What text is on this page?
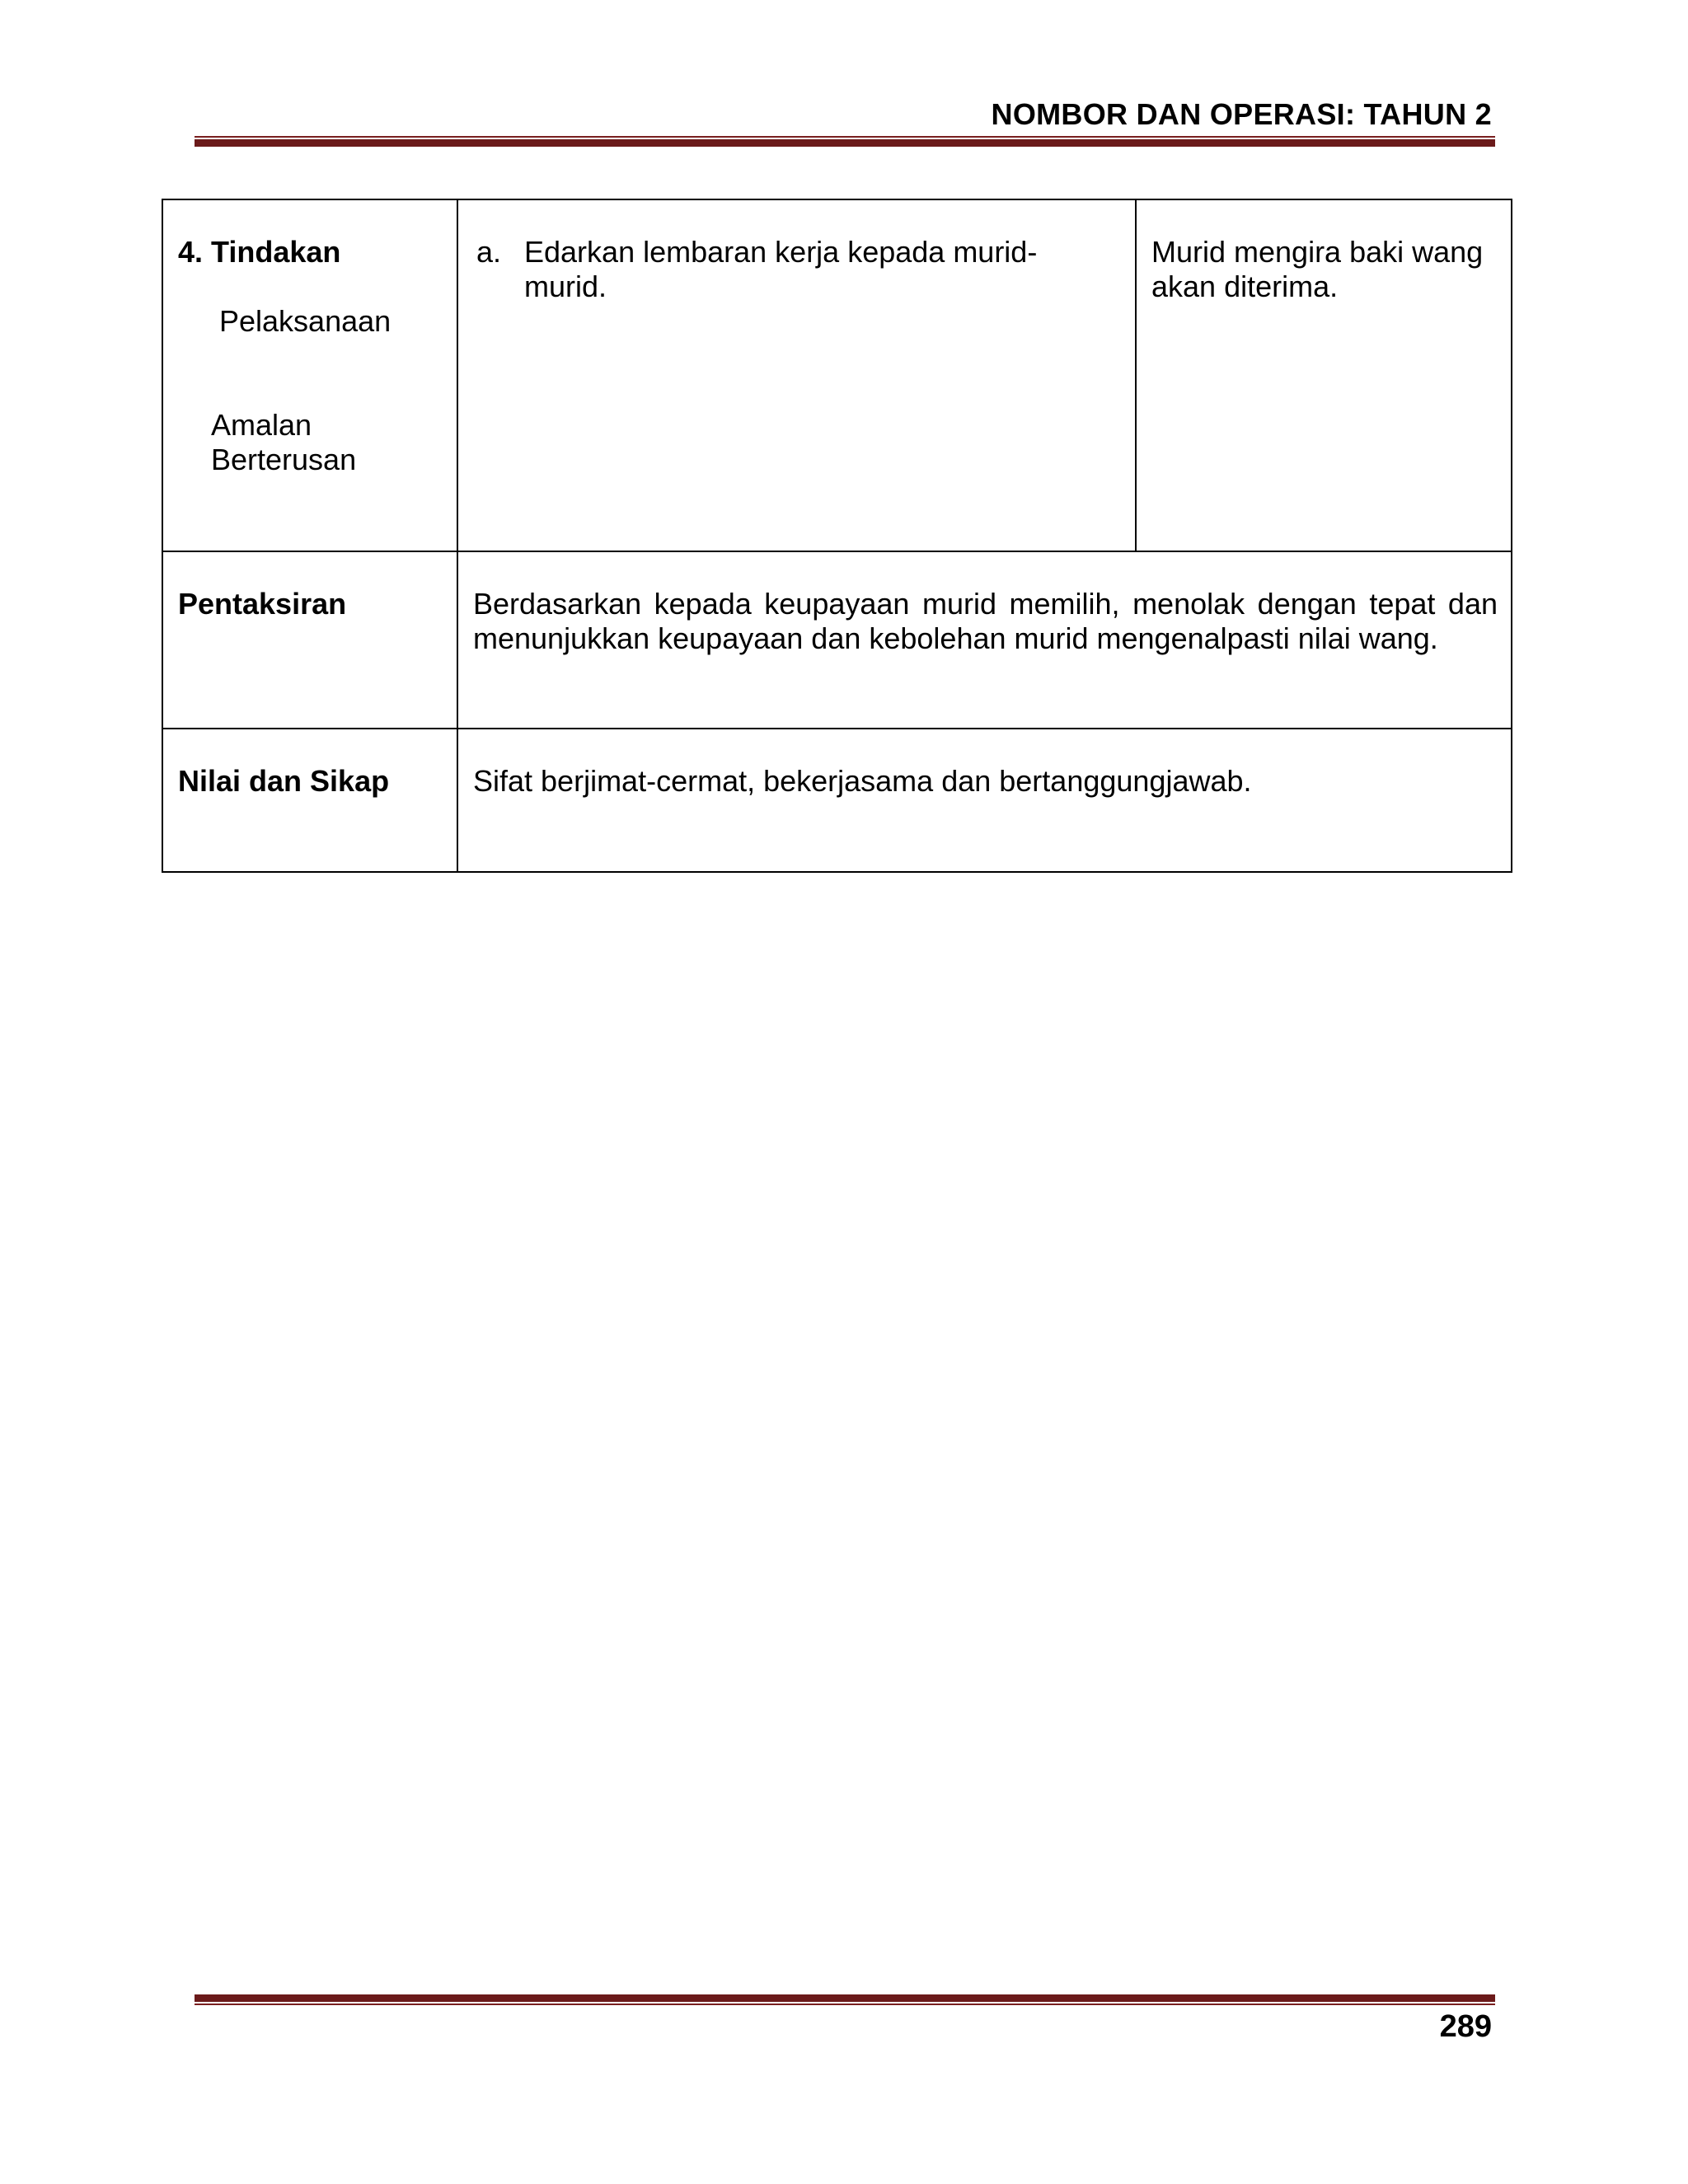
NOMBOR DAN OPERASI: TAHUN 2
4. Tindakan
Pelaksanaan
Amalan Berterusan	a. Edarkan lembaran kerja kepada murid-murid.	Murid mengira baki wang akan diterima.

Pentaksiran	Berdasarkan kepada keupayaan murid memilih, menolak dengan tepat dan menunjukkan keupayaan dan kebolehan murid mengenalpasti nilai wang.	

Nilai dan Sikap	Sifat berjimat-cermat, bekerjasama dan bertanggungjawab.	
289
